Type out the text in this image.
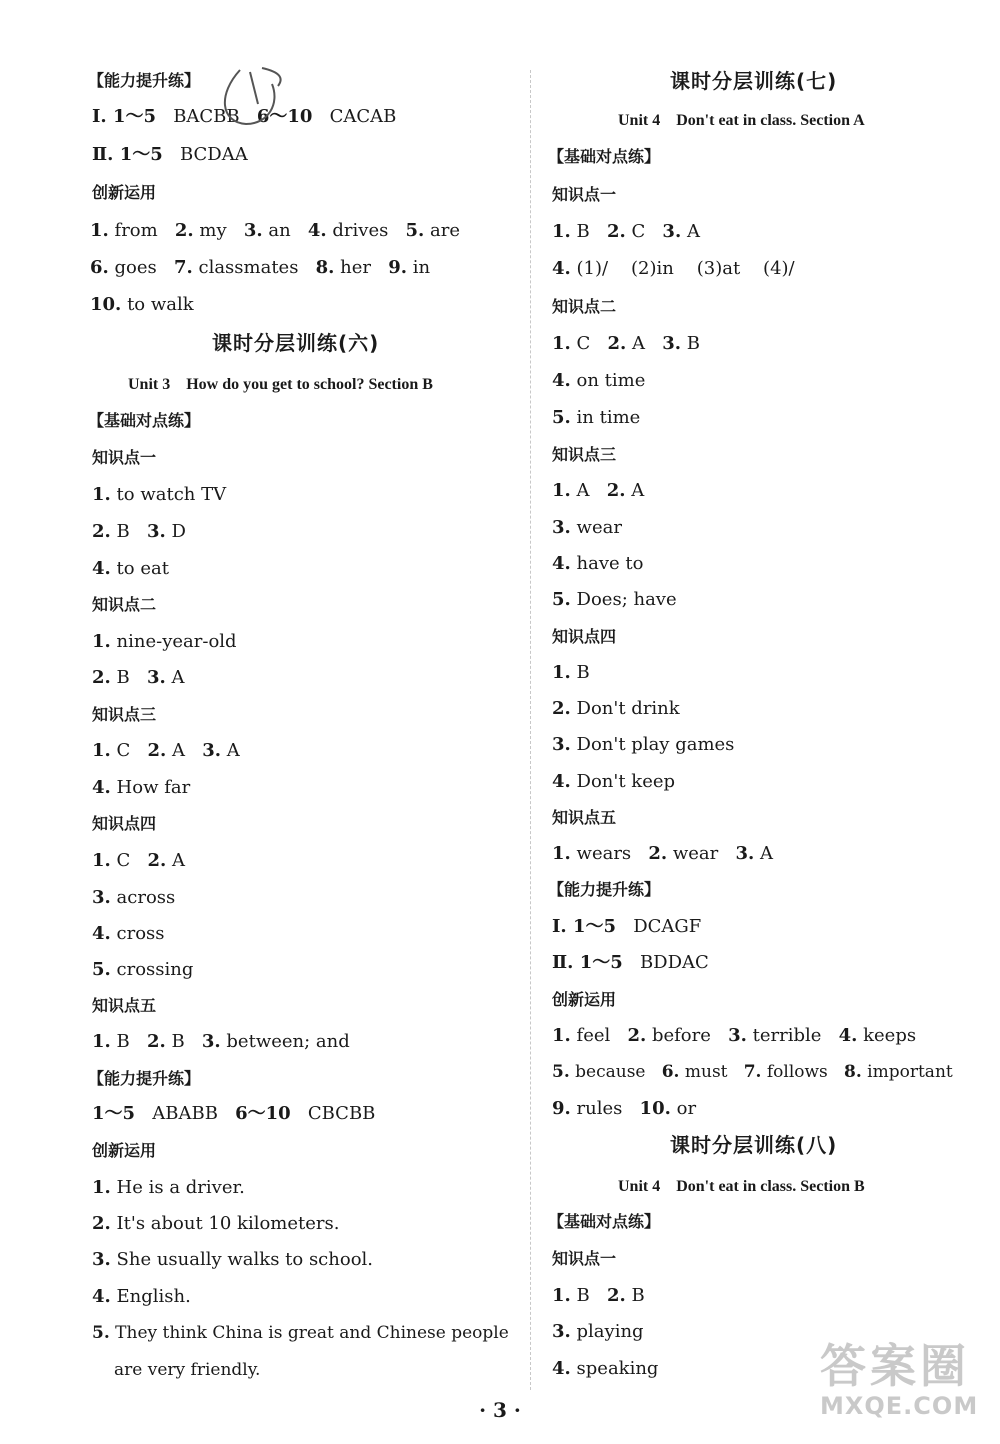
【能力提升练】
Ⅰ. 1～5 BACBB 6～10 CACAB
Ⅱ. 1～5 BCDAA
创新运用
1. from 2. my 3. an 4. drives 5. are
6. goes 7. classmates 8. her 9. in
10. to walk
课时分层训练(六)
Unit 3    How do you get to school? Section B
【基础对点练】
知识点一
1. to watch TV
2. B 3. D
4. to eat
知识点二
1. nine-year-old
2. B 3. A
知识点三
1. C 2. A 3. A
4. How far
知识点四
1. C 2. A
3. across
4. cross
5. crossing
知识点五
1. B 2. B 3. between; and
【能力提升练】
1～5 ABABB 6～10 CBCBB
创新运用
1. He is a driver.
2. It's about 10 kilometers.
3. She usually walks to school.
4. English.
5. They think China is great and Chinese people
are very friendly.
课时分层训练(七)
Unit 4    Don't eat in class. Section A
【基础对点练】
知识点一
1. B 2. C 3. A
4. (1)/    (2)in    (3)at    (4)/
知识点二
1. C 2. A 3. B
4. on time
5. in time
知识点三
1. A 2. A
3. wear
4. have to
5. Does; have
知识点四
1. B
2. Don't drink
3. Don't play games
4. Don't keep
知识点五
1. wears 2. wear 3. A
【能力提升练】
Ⅰ. 1～5 DCAGF
Ⅱ. 1～5 BDDAC
创新运用
1. feel 2. before 3. terrible 4. keeps
5. because 6. must 7. follows 8. important
9. rules 10. or
课时分层训练(八)
Unit 4    Don't eat in class. Section B
【基础对点练】
知识点一
1. B 2. B
3. playing
4. speaking	答案圈
MXQE.COM
· 3 ·
